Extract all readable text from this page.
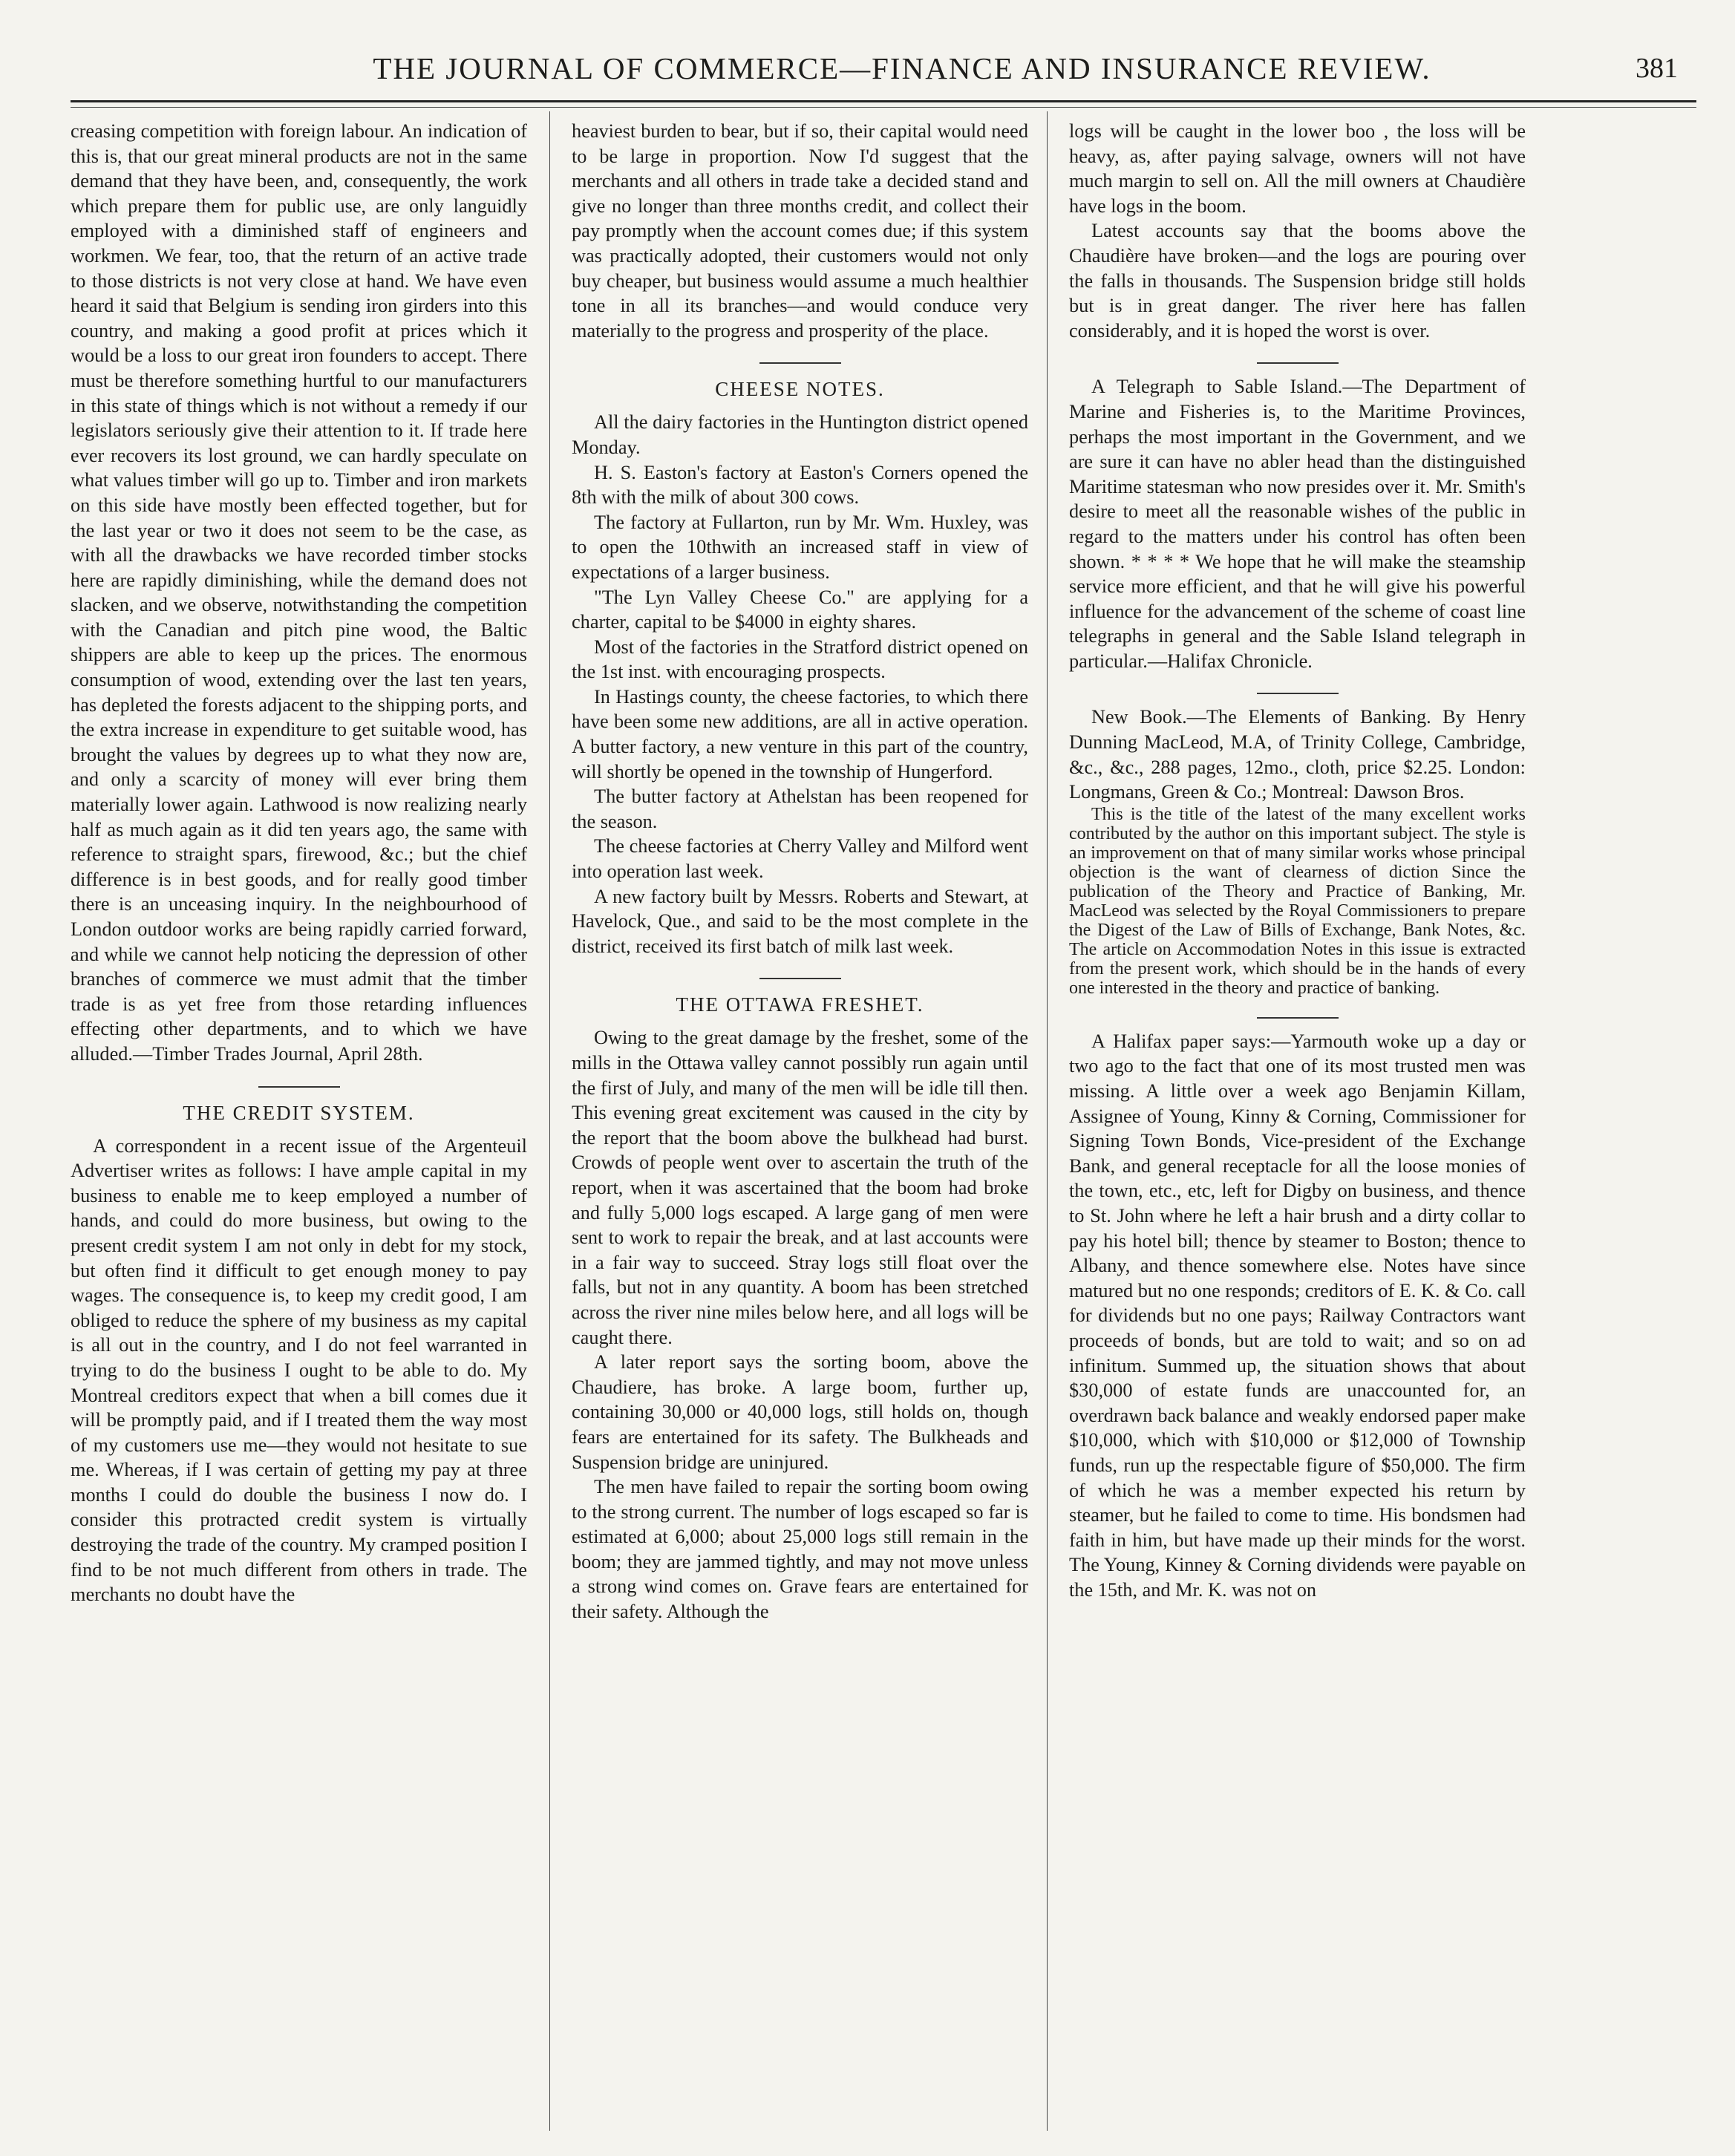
THE JOURNAL OF COMMERCE—FINANCE AND INSURANCE REVIEW.	381

creasing competition with foreign labour. An indication of this is, that our great mineral products are not in the same demand that they have been, and, consequently, the work which prepare them for public use, are only languidly employed with a diminished staff of engineers and workmen. We fear, too, that the return of an active trade to those districts is not very close at hand. We have even heard it said that Belgium is sending iron girders into this country, and making a good profit at prices which it would be a loss to our great iron founders to accept. There must be therefore something hurtful to our manufacturers in this state of things which is not without a remedy if our legislators seriously give their attention to it. If trade here ever recovers its lost ground, we can hardly speculate on what values timber will go up to. Timber and iron markets on this side have mostly been effected together, but for the last year or two it does not seem to be the case, as with all the drawbacks we have recorded timber stocks here are rapidly diminishing, while the demand does not slacken, and we observe, notwithstanding the competition with the Canadian and pitch pine wood, the Baltic shippers are able to keep up the prices. The enormous consumption of wood, extending over the last ten years, has depleted the forests adjacent to the shipping ports, and the extra increase in expenditure to get suitable wood, has brought the values by degrees up to what they now are, and only a scarcity of money will ever bring them materially lower again. Lathwood is now realizing nearly half as much again as it did ten years ago, the same with reference to straight spars, firewood, &c.; but the chief difference is in best goods, and for really good timber there is an unceasing inquiry. In the neighbourhood of London outdoor works are being rapidly carried forward, and while we cannot help noticing the depression of other branches of commerce we must admit that the timber trade is as yet free from those retarding influences effecting other departments, and to which we have alluded.—Timber Trades Journal, April 28th.

THE CREDIT SYSTEM.

A correspondent in a recent issue of the Argenteuil Advertiser writes as follows: I have ample capital in my business to enable me to keep employed a number of hands, and could do more business, but owing to the present credit system I am not only in debt for my stock, but often find it difficult to get enough money to pay wages. The consequence is, to keep my credit good, I am obliged to reduce the sphere of my business as my capital is all out in the country, and I do not feel warranted in trying to do the business I ought to be able to do. My Montreal creditors expect that when a bill comes due it will be promptly paid, and if I treated them the way most of my customers use me—they would not hesitate to sue me. Whereas, if I was certain of getting my pay at three months I could do double the business I now do. I consider this protracted credit system is virtually destroying the trade of the country. My cramped position I find to be not much different from others in trade. The merchants no doubt have the

heaviest burden to bear, but if so, their capital would need to be large in proportion. Now I'd suggest that the merchants and all others in trade take a decided stand and give no longer than three months credit, and collect their pay promptly when the account comes due; if this system was practically adopted, their customers would not only buy cheaper, but business would assume a much healthier tone in all its branches—and would conduce very materially to the progress and prosperity of the place.

CHEESE NOTES.

All the dairy factories in the Huntington district opened Monday.

H. S. Easton's factory at Easton's Corners opened the 8th with the milk of about 300 cows.

The factory at Fullarton, run by Mr. Wm. Huxley, was to open the 10thwith an increased staff in view of expectations of a larger business.

"The Lyn Valley Cheese Co." are applying for a charter, capital to be $4000 in eighty shares.

Most of the factories in the Stratford district opened on the 1st inst. with encouraging prospects.

In Hastings county, the cheese factories, to which there have been some new additions, are all in active operation. A butter factory, a new venture in this part of the country, will shortly be opened in the township of Hungerford.

The butter factory at Athelstan has been reopened for the season.

The cheese factories at Cherry Valley and Milford went into operation last week.

A new factory built by Messrs. Roberts and Stewart, at Havelock, Que., and said to be the most complete in the district, received its first batch of milk last week.

THE OTTAWA FRESHET.

Owing to the great damage by the freshet, some of the mills in the Ottawa valley cannot possibly run again until the first of July, and many of the men will be idle till then. This evening great excitement was caused in the city by the report that the boom above the bulkhead had burst. Crowds of people went over to ascertain the truth of the report, when it was ascertained that the boom had broke and fully 5,000 logs escaped. A large gang of men were sent to work to repair the break, and at last accounts were in a fair way to succeed. Stray logs still float over the falls, but not in any quantity. A boom has been stretched across the river nine miles below here, and all logs will be caught there.

A later report says the sorting boom, above the Chaudiere, has broke. A large boom, further up, containing 30,000 or 40,000 logs, still holds on, though fears are entertained for its safety. The Bulkheads and Suspension bridge are uninjured.

The men have failed to repair the sorting boom owing to the strong current. The number of logs escaped so far is estimated at 6,000; about 25,000 logs still remain in the boom; they are jammed tightly, and may not move unless a strong wind comes on. Grave fears are entertained for their safety. Although the

logs will be caught in the lower boo , the loss will be heavy, as, after paying salvage, owners will not have much margin to sell on. All the mill owners at Chaudière have logs in the boom.

Latest accounts say that the booms above the Chaudière have broken—and the logs are pouring over the falls in thousands. The Suspension bridge still holds but is in great danger. The river here has fallen considerably, and it is hoped the worst is over.

A Telegraph to Sable Island.—The Department of Marine and Fisheries is, to the Maritime Provinces, perhaps the most important in the Government, and we are sure it can have no abler head than the distinguished Maritime statesman who now presides over it. Mr. Smith's desire to meet all the reasonable wishes of the public in regard to the matters under his control has often been shown. * * * * We hope that he will make the steamship service more efficient, and that he will give his powerful influence for the advancement of the scheme of coast line telegraphs in general and the Sable Island telegraph in particular.—Halifax Chronicle.

New Book.—The Elements of Banking. By Henry Dunning MacLeod, M.A, of Trinity College, Cambridge, &c., &c., 288 pages, 12mo., cloth, price $2.25. London: Longmans, Green & Co.; Montreal: Dawson Bros.

This is the title of the latest of the many excellent works contributed by the author on this important subject. The style is an improvement on that of many similar works whose principal objection is the want of clearness of diction Since the publication of the Theory and Practice of Banking, Mr. MacLeod was selected by the Royal Commissioners to prepare the Digest of the Law of Bills of Exchange, Bank Notes, &c. The article on Accommodation Notes in this issue is extracted from the present work, which should be in the hands of every one interested in the theory and practice of banking.

A Halifax paper says:—Yarmouth woke up a day or two ago to the fact that one of its most trusted men was missing. A little over a week ago Benjamin Killam, Assignee of Young, Kinny & Corning, Commissioner for Signing Town Bonds, Vice-president of the Exchange Bank, and general receptacle for all the loose monies of the town, etc., etc, left for Digby on business, and thence to St. John where he left a hair brush and a dirty collar to pay his hotel bill; thence by steamer to Boston; thence to Albany, and thence somewhere else. Notes have since matured but no one responds; creditors of E. K. & Co. call for dividends but no one pays; Railway Contractors want proceeds of bonds, but are told to wait; and so on ad infinitum. Summed up, the situation shows that about $30,000 of estate funds are unaccounted for, an overdrawn back balance and weakly endorsed paper make $10,000, which with $10,000 or $12,000 of Township funds, run up the respectable figure of $50,000. The firm of which he was a member expected his return by steamer, but he failed to come to time. His bondsmen had faith in him, but have made up their minds for the worst. The Young, Kinney & Corning dividends were payable on the 15th, and Mr. K. was not on
